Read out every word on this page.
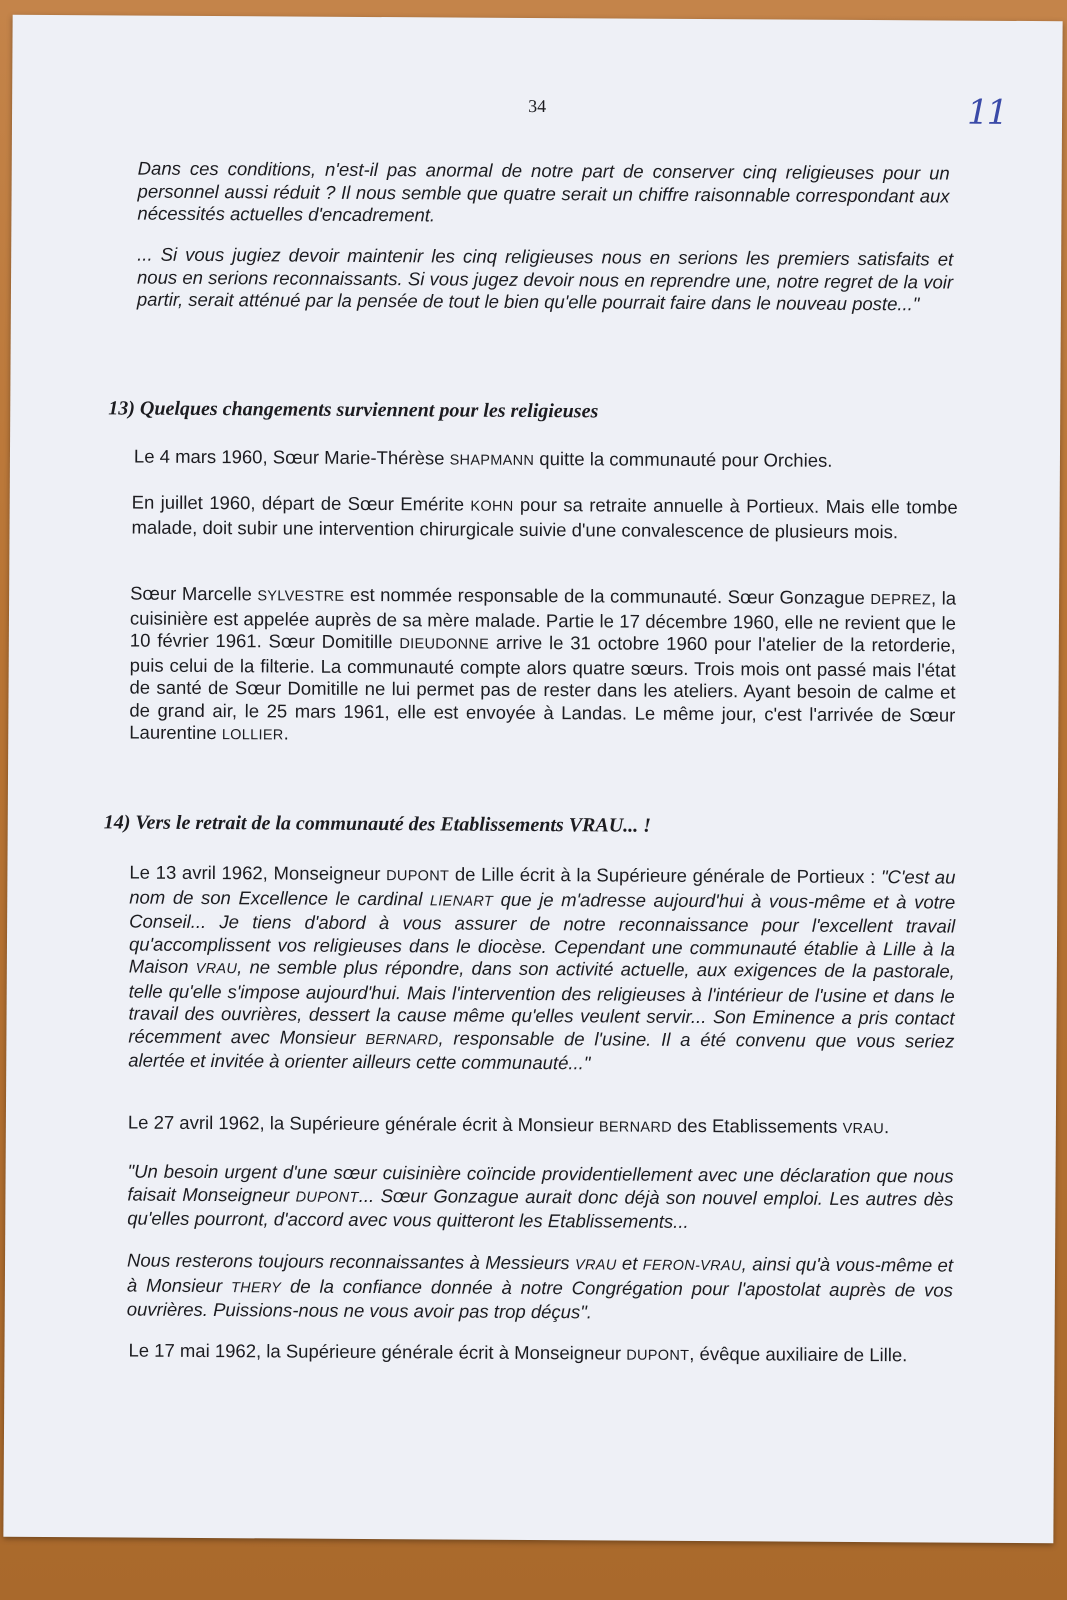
34	11

Dans ces conditions, n'est-il pas anormal de notre part de conserver cinq religieuses pour un personnel aussi réduit ? Il nous semble que quatre serait un chiffre raisonnable correspondant aux nécessités actuelles d'encadrement.

... Si vous jugiez devoir maintenir les cinq religieuses nous en serions les premiers satisfaits et nous en serions reconnaissants. Si vous jugez devoir nous en reprendre une, notre regret de la voir partir, serait atténué par la pensée de tout le bien qu'elle pourrait faire dans le nouveau poste..."

13) Quelques changements surviennent pour les religieuses

Le 4 mars 1960, Sœur Marie-Thérèse SHAPMANN quitte la communauté pour Orchies.

En juillet 1960, départ de Sœur Emérite KOHN pour sa retraite annuelle à Portieux. Mais elle tombe malade, doit subir une intervention chirurgicale suivie d'une convalescence de plusieurs mois.

Sœur Marcelle SYLVESTRE est nommée responsable de la communauté. Sœur Gonzague DEPREZ, la cuisinière est appelée auprès de sa mère malade. Partie le 17 décembre 1960, elle ne revient que le 10 février 1961. Sœur Domitille DIEUDONNE arrive le 31 octobre 1960 pour l'atelier de la retorderie, puis celui de la filterie. La communauté compte alors quatre sœurs. Trois mois ont passé mais l'état de santé de Sœur Domitille ne lui permet pas de rester dans les ateliers. Ayant besoin de calme et de grand air, le 25 mars 1961, elle est envoyée à Landas. Le même jour, c'est l'arrivée de Sœur Laurentine LOLLIER.

14) Vers le retrait de la communauté des Etablissements VRAU... !

Le 13 avril 1962, Monseigneur DUPONT de Lille écrit à la Supérieure générale de Portieux : "C'est au nom de son Excellence le cardinal LIENART que je m'adresse aujourd'hui à vous-même et à votre Conseil... Je tiens d'abord à vous assurer de notre reconnaissance pour l'excellent travail qu'accomplissent vos religieuses dans le diocèse. Cependant une communauté établie à Lille à la Maison VRAU, ne semble plus répondre, dans son activité actuelle, aux exigences de la pastorale, telle qu'elle s'impose aujourd'hui. Mais l'intervention des religieuses à l'intérieur de l'usine et dans le travail des ouvrières, dessert la cause même qu'elles veulent servir... Son Eminence a pris contact récemment avec Monsieur BERNARD, responsable de l'usine. Il a été convenu que vous seriez alertée et invitée à orienter ailleurs cette communauté..."

Le 27 avril 1962, la Supérieure générale écrit à Monsieur BERNARD des Etablissements VRAU.

"Un besoin urgent d'une sœur cuisinière coïncide providentiellement avec une déclaration que nous faisait Monseigneur DUPONT... Sœur Gonzague aurait donc déjà son nouvel emploi. Les autres dès qu'elles pourront, d'accord avec vous quitteront les Etablissements...

Nous resterons toujours reconnaissantes à Messieurs VRAU et FERON-VRAU, ainsi qu'à vous-même et à Monsieur THERY de la confiance donnée à notre Congrégation pour l'apostolat auprès de vos ouvrières. Puissions-nous ne vous avoir pas trop déçus".

Le 17 mai 1962, la Supérieure générale écrit à Monseigneur DUPONT, évêque auxiliaire de Lille.
